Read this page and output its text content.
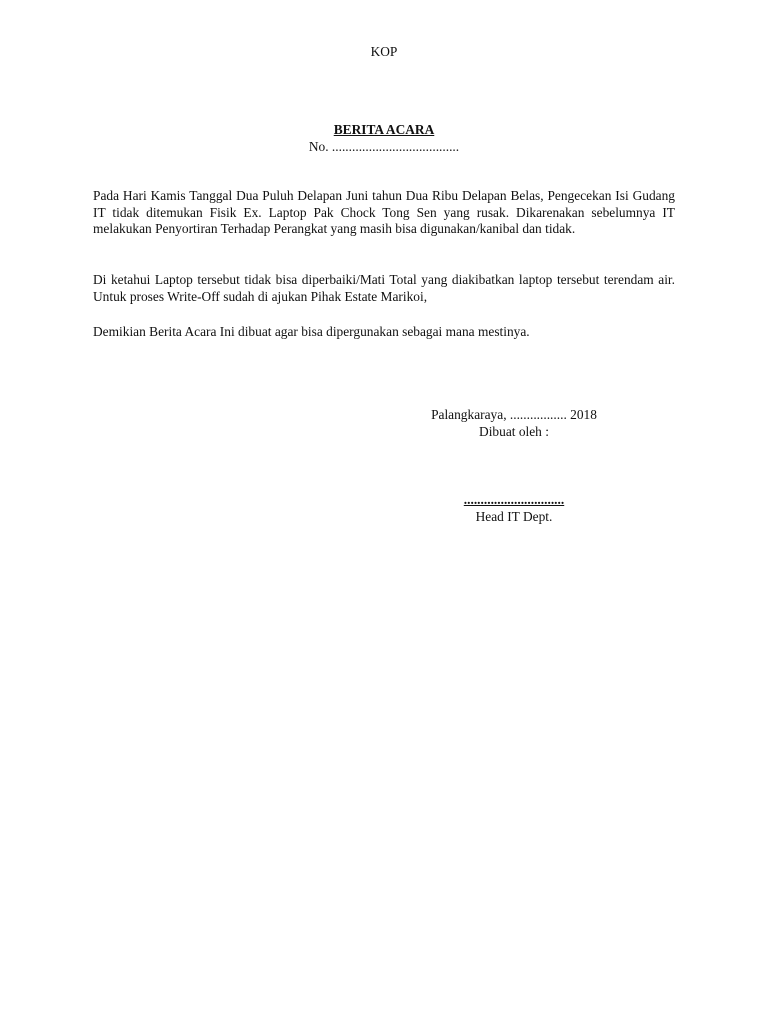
KOP
BERITA ACARA
No. ......................................

Pada Hari Kamis Tanggal Dua Puluh Delapan Juni tahun Dua Ribu Delapan Belas, Pengecekan Isi Gudang IT tidak ditemukan Fisik Ex. Laptop Pak Chock Tong Sen yang rusak. Dikarenakan sebelumnya IT melakukan Penyortiran Terhadap Perangkat yang masih bisa digunakan/kanibal dan tidak.

Di ketahui Laptop tersebut tidak bisa diperbaiki/Mati Total yang diakibatkan laptop tersebut terendam air. Untuk proses Write-Off sudah di ajukan Pihak Estate Marikoi,

Demikian Berita Acara Ini dibuat agar bisa dipergunakan sebagai mana mestinya.

Palangkaraya, ................. 2018
Dibuat oleh :
..............................
Head IT Dept.
